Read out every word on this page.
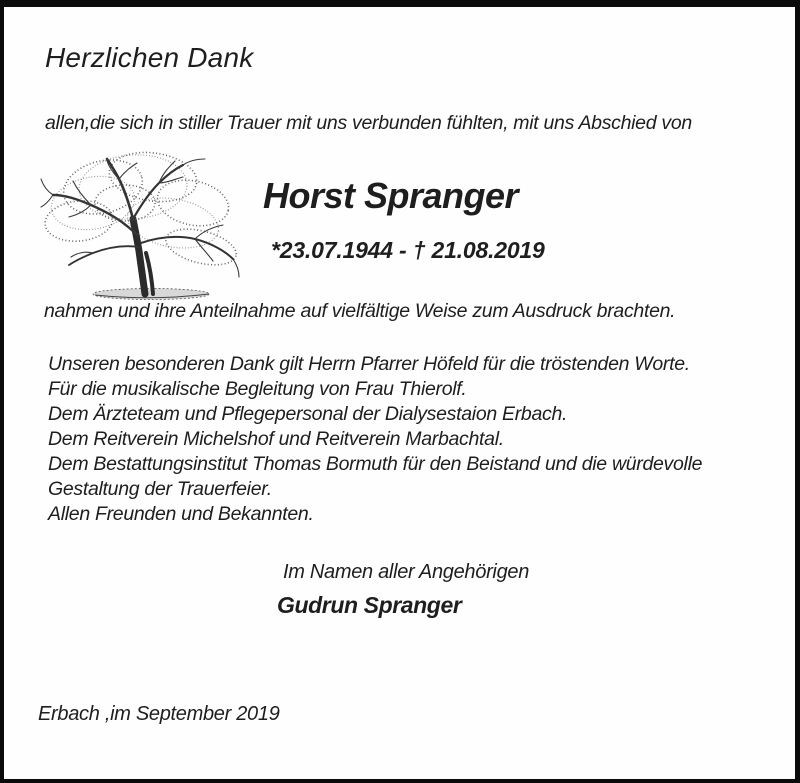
Herzlichen Dank
allen,die sich in stiller Trauer mit uns verbunden fühlten, mit uns Abschied von
Horst Spranger
*23.07.1944 - † 21.08.2019
nahmen und ihre Anteilnahme auf vielfältige Weise zum Ausdruck brachten.
Unseren besonderen Dank gilt Herrn Pfarrer Höfeld für die tröstenden Worte.
Für die musikalische Begleitung von Frau Thierolf.
Dem Ärzteteam und Pflegepersonal der Dialysestaion Erbach.
Dem Reitverein Michelshof und Reitverein Marbachtal.
Dem Bestattungsinstitut Thomas Bormuth für den Beistand und die würdevolle
Gestaltung der Trauerfeier.
Allen Freunden und Bekannten.
Im Namen aller Angehörigen
Gudrun Spranger
Erbach ,im September 2019
